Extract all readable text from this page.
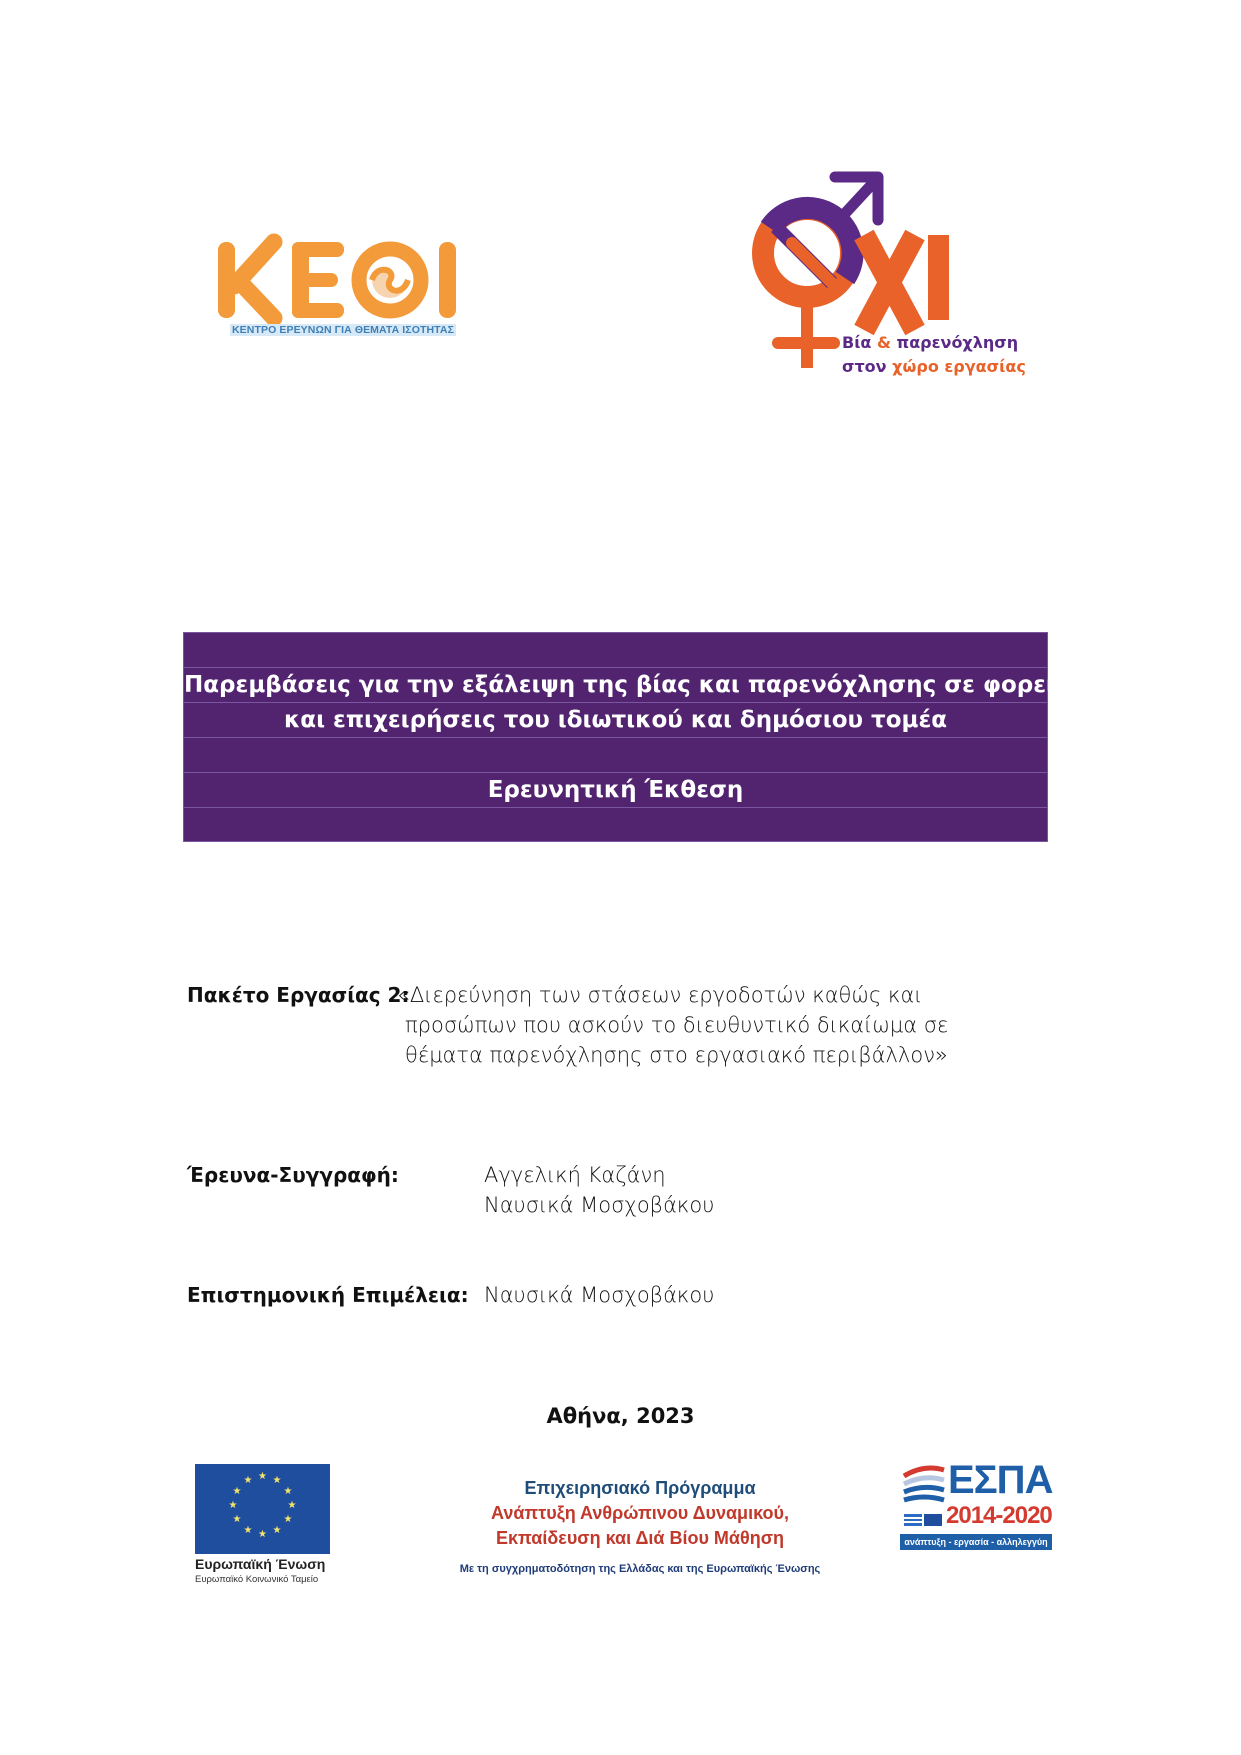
ΚΕΝΤΡΟ ΕΡΕΥΝΩΝ ΓΙΑ ΘΕΜΑΤΑ ΙΣΟΤΗΤΑΣ
Βία & παρενόχληση
στον χώρο εργασίας
Παρεμβάσεις για την εξάλειψη της βίας και παρενόχλησης σε φορείς
και επιχειρήσεις του ιδιωτικού και δημόσιου τομέα
Ερευνητική Έκθεση
Πακέτο Εργασίας 2:
«Διερεύνηση των στάσεων εργοδοτών καθώς και
προσώπων που ασκούν το διευθυντικό δικαίωμα σε
θέματα παρενόχλησης στο εργασιακό περιβάλλον»
Έρευνα-Συγγραφή:	Αγγελική Καζάνη
Ναυσικά Μοσχοβάκου
Επιστημονική Επιμέλεια: Ναυσικά Μοσχοβάκου
Αθήνα, 2023
★ ★
★
★
★
★
★
★
★
★
★
★
Ευρωπαϊκή Ένωση
Ευρωπαϊκό Κοινωνικό Ταμείο
Επιχειρησιακό Πρόγραμμα
Ανάπτυξη Ανθρώπινου Δυναμικού,
Εκπαίδευση και Διά Βίου Μάθηση
Με τη συγχρηματοδότηση της Ελλάδας και της Ευρωπαϊκής Ένωσης
ΕΣΠΑ
2014-2020
ανάπτυξη - εργασία - αλληλεγγύη
